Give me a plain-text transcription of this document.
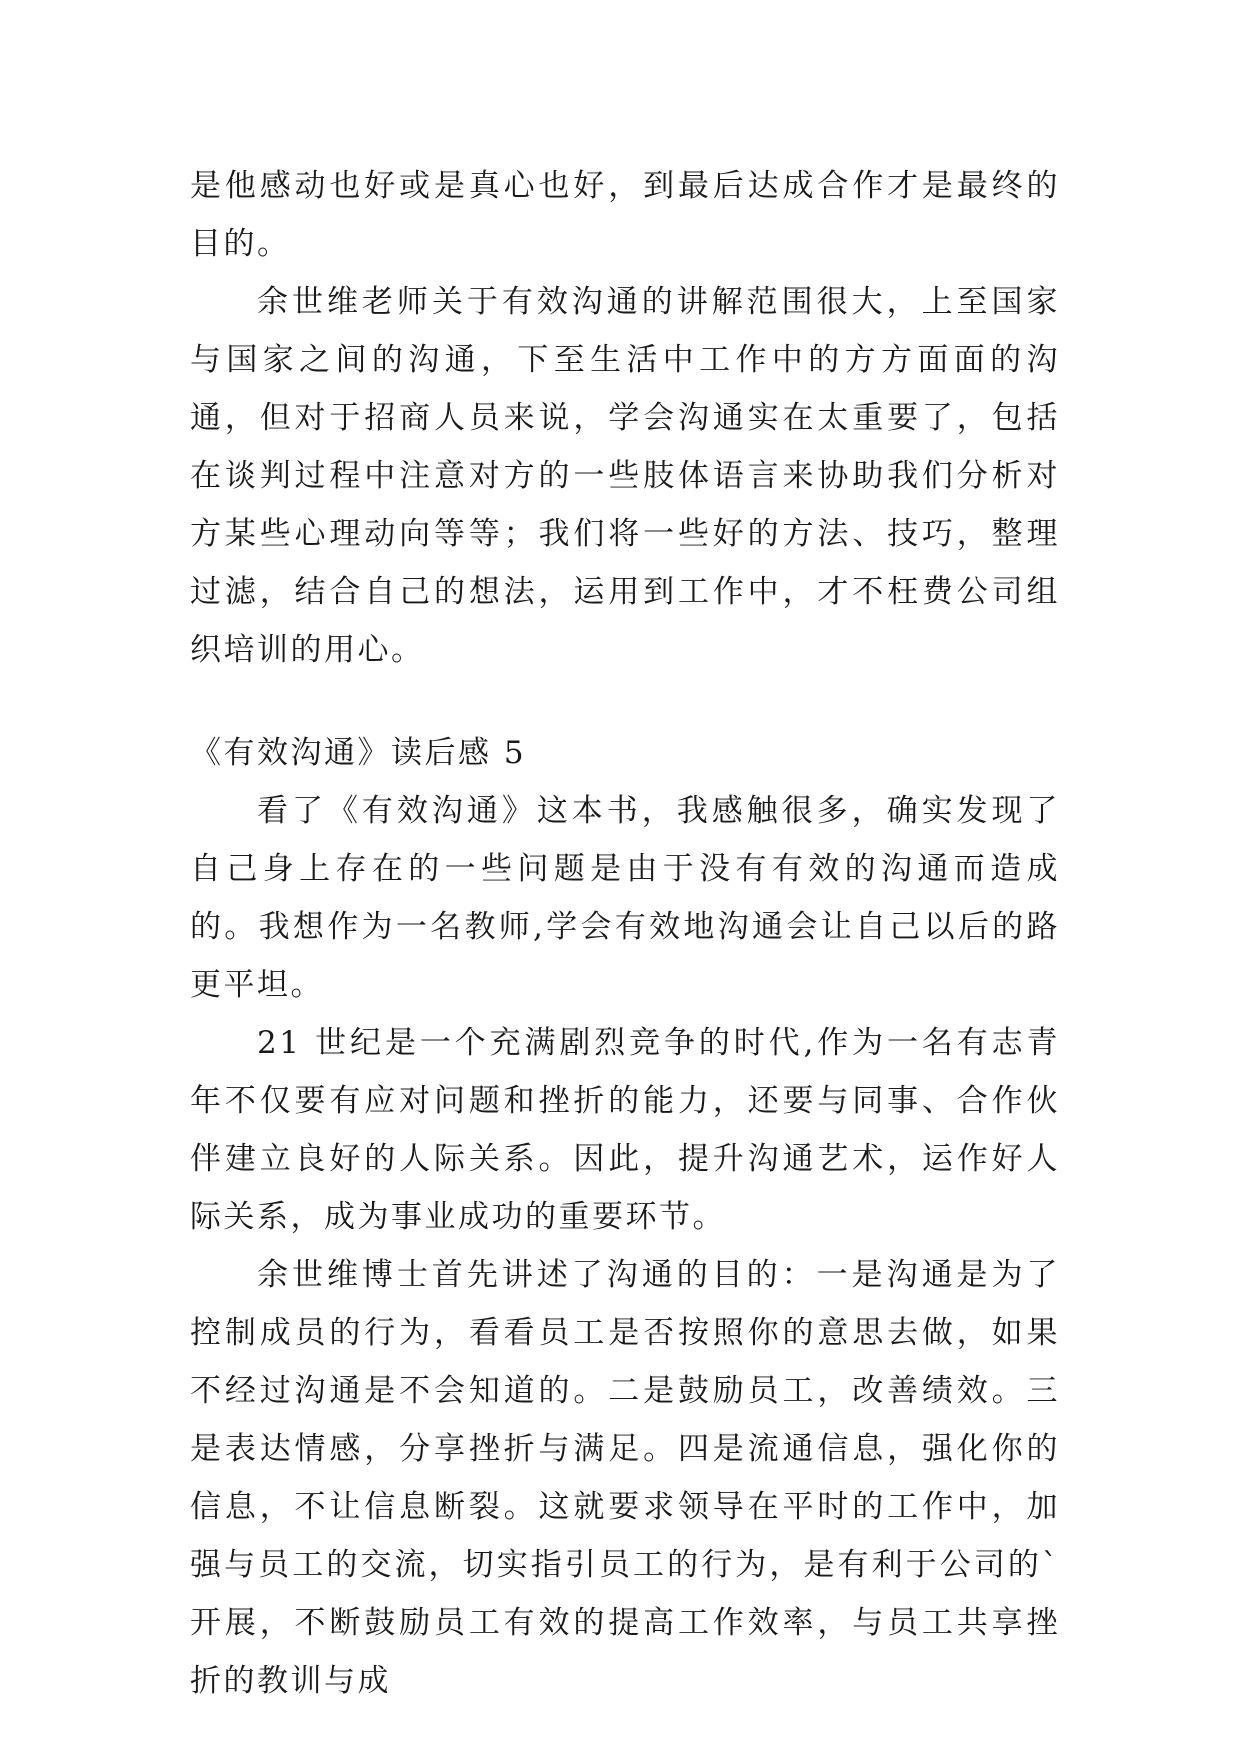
是他感动也好或是真心也好，到最后达成合作才是最终的目的。

余世维老师关于有效沟通的讲解范围很大，上至国家与国家之间的沟通，下至生活中工作中的方方面面的沟通，但对于招商人员来说，学会沟通实在太重要了，包括在谈判过程中注意对方的一些肢体语言来协助我们分析对方某些心理动向等等；我们将一些好的方法、技巧，整理过滤，结合自己的想法，运用到工作中，才不枉费公司组织培训的用心。

《有效沟通》读后感 5

看了《有效沟通》这本书，我感触很多，确实发现了自己身上存在的一些问题是由于没有有效的沟通而造成的。我想作为一名教师,学会有效地沟通会让自己以后的路更平坦。

21 世纪是一个充满剧烈竞争的时代,作为一名有志青年不仅要有应对问题和挫折的能力，还要与同事、合作伙伴建立良好的人际关系。因此，提升沟通艺术，运作好人际关系，成为事业成功的重要环节。

余世维博士首先讲述了沟通的目的：一是沟通是为了控制成员的行为，看看员工是否按照你的意思去做，如果不经过沟通是不会知道的。二是鼓励员工，改善绩效。三是表达情感，分享挫折与满足。四是流通信息，强化你的信息，不让信息断裂。这就要求领导在平时的工作中，加强与员工的交流，切实指引员工的行为，是有利于公司的`开展，不断鼓励员工有效的提高工作效率，与员工共享挫折的教训与成
